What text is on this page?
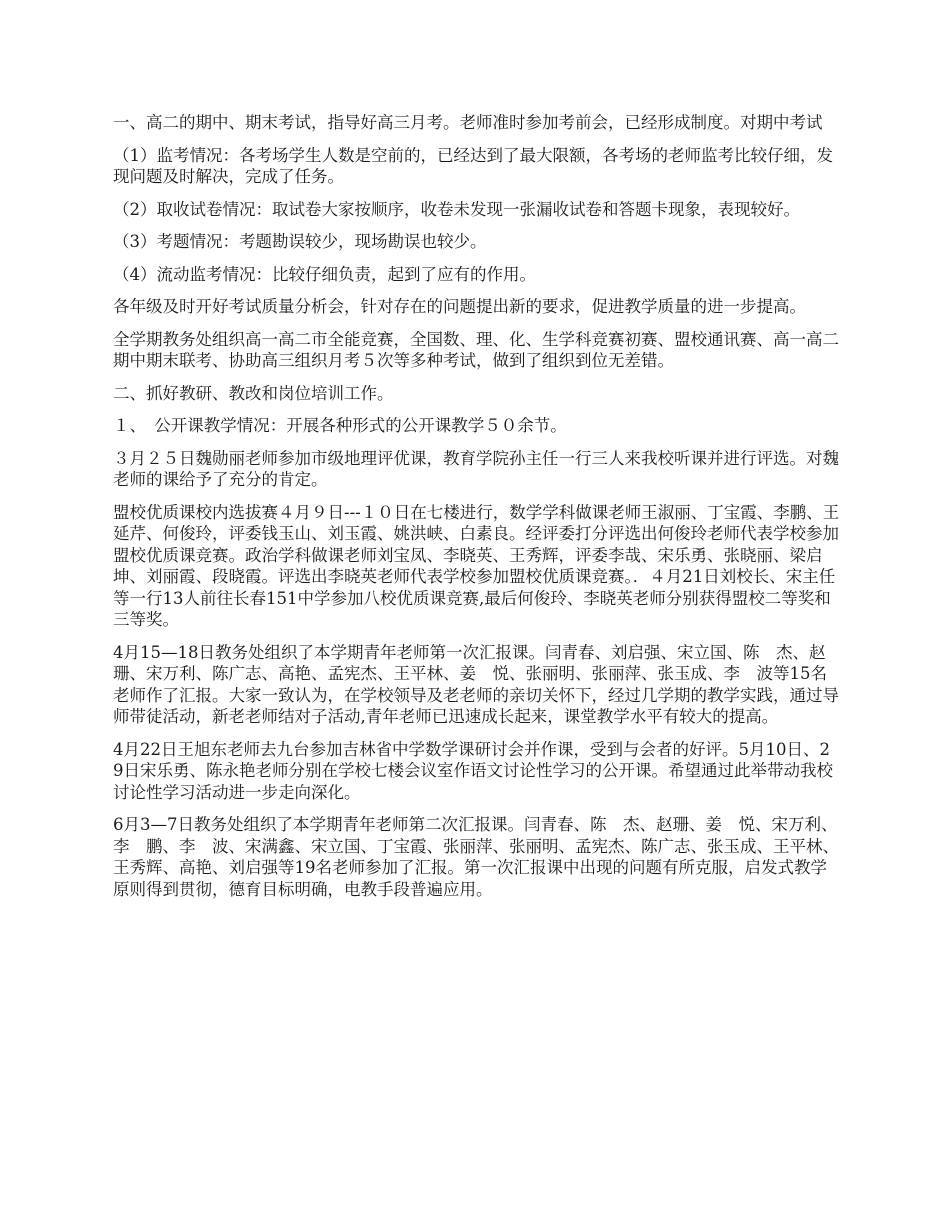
一、高二的期中、期末考试，指导好高三月考。老师准时参加考前会，已经形成制度。对期中考试

（1）监考情况：各考场学生人数是空前的，已经达到了最大限额，各考场的老师监考比较仔细，发现问题及时解决，完成了任务。

（2）取收试卷情况：取试卷大家按顺序，收卷未发现一张漏收试卷和答题卡现象，表现较好。

（3）考题情况：考题勘误较少，现场勘误也较少。

（4）流动监考情况：比较仔细负责，起到了应有的作用。

各年级及时开好考试质量分析会，针对存在的问题提出新的要求，促进教学质量的进一步提高。

全学期教务处组织高一高二市全能竞赛，全国数、理、化、生学科竞赛初赛、盟校通讯赛、高一高二期中期末联考、协助高三组织月考５次等多种考试，做到了组织到位无差错。

二、抓好教研、教改和岗位培训工作。

１、　公开课教学情况：开展各种形式的公开课教学５０余节。

３月２５日魏勋丽老师参加市级地理评优课，教育学院孙主任一行三人来我校听课并进行评选。对魏老师的课给予了充分的肯定。

盟校优质课校内选拔赛４月９日---１０日在七楼进行，数学学科做课老师王淑丽、丁宝霞、李鹏、王延芹、何俊玲，评委钱玉山、刘玉霞、姚洪峡、白素良。经评委打分评选出何俊玲老师代表学校参加盟校优质课竞赛。政治学科做课老师刘宝凤、李晓英、王秀辉，评委李哉、宋乐勇、张晓丽、梁启坤、刘丽霞、段晓霞。评选出李晓英老师代表学校参加盟校优质课竞赛。．４月21日刘校长、宋主任等一行13人前往长春151中学参加八校优质课竞赛,最后何俊玲、李晓英老师分别获得盟校二等奖和三等奖。

4月15—18日教务处组织了本学期青年老师第一次汇报课。闫青春、刘启强、宋立国、陈　杰、赵珊、宋万利、陈广志、高艳、孟宪杰、王平林、姜　悦、张丽明、张丽萍、张玉成、李　波等15名老师作了汇报。大家一致认为，在学校领导及老老师的亲切关怀下，经过几学期的教学实践，通过导师带徒活动，新老老师结对子活动,青年老师已迅速成长起来，课堂教学水平有较大的提高。

4月22日王旭东老师去九台参加吉林省中学数学课研讨会并作课，受到与会者的好评。5月10日、29日宋乐勇、陈永艳老师分别在学校七楼会议室作语文讨论性学习的公开课。希望通过此举带动我校讨论性学习活动进一步走向深化。

6月3—7日教务处组织了本学期青年老师第二次汇报课。闫青春、陈　杰、赵珊、姜　悦、宋万利、李　鹏、李　波、宋满鑫、宋立国、丁宝霞、张丽萍、张丽明、孟宪杰、陈广志、张玉成、王平林、王秀辉、高艳、刘启强等19名老师参加了汇报。第一次汇报课中出现的问题有所克服，启发式教学原则得到贯彻，德育目标明确，电教手段普遍应用。
